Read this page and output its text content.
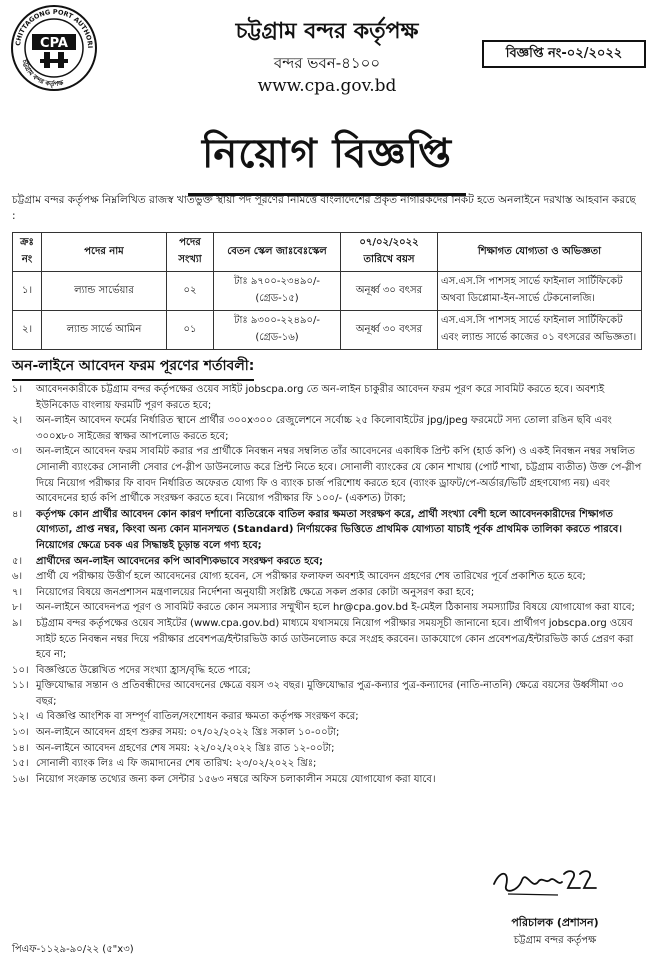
CHITTAGONG PORT AUTHORI
চট্টগ্রাম বন্দর কর্তৃপক্ষ
CPA	চট্টগ্রাম বন্দর কর্তৃপক্ষ
বন্দর ভবন-৪১০০
www.cpa.gov.bd
বিজ্ঞপ্তি নং-০২/২০২২
নিয়োগ বিজ্ঞপ্তি
চট্টগ্রাম বন্দর কর্তৃপক্ষ নিম্নলিখিত রাজস্ব খাতভুক্ত স্থায়ী পদ পূরণের নিমিত্তে বাংলাদেশের প্রকৃত নাগরিকদের নিকট হতে অনলাইনে দরখাস্ত আহবান করছে :
ক্রঃ নং	পদের নাম	পদের সংখ্যা	বেতন স্কেল জাঃবেঃস্কেল	০৭/০২/২০২২ তারিখে বয়স	শিক্ষাগত যোগ্যতা ও অভিজ্ঞতা
১।	ল্যান্ড সার্ভেয়ার	০২	টাঃ ৯৭০০-২৩৪৯০/- (গ্রেড-১৫)	অনূর্ধ্ব ৩০ বৎসর	এস.এস.সি পাশসহ সার্ভে ফাইনাল সার্টিফিকেট অথবা ডিপ্লোমা-ইন-সার্ভে টেকনোলজি।
২।	ল্যান্ড সার্ভে আমিন	০১	টাঃ ৯৩০০-২২৪৯০/- (গ্রেড-১৬)	অনূর্ধ্ব ৩০ বৎসর	এস.এস.সি পাশসহ সার্ভে ফাইনাল সার্টিফিকেট এবং ল্যান্ড সার্ভে কাজের ০১ বৎসরের অভিজ্ঞতা।
অন-লাইনে আবেদন ফরম পূরণের শর্তাবলী:
১।	আবেদনকারীকে চট্টগ্রাম বন্দর কর্তৃপক্ষের ওয়েব সাইট jobscpa.org তে অন-লাইন চাকুরীর আবেদন ফরম পূরণ করে সাবমিট করতে হবে। অবশ্যই ইউনিকোড বাংলায় ফরমটি পূরণ করতে হবে;
২।	অন-লাইন আবেদন ফর্মের নির্ধারিত স্থানে প্রার্থীর ৩০০x৩০০ রেজুলেশনে সর্বোচ্চ ২৫ কিলোবাইটের jpg/jpeg ফরমেটে সদ্য তোলা রঙিন ছবি এবং ৩০০x৮০ সাইজের স্বাক্ষর আপলোড করতে হবে;
৩।	অন-লাইনে আবেদন ফরম সাবমিট করার পর প্রার্থীকে নিবন্ধন নম্বর সম্বলিত তাঁর আবেদনের একাধিক প্রিন্ট কপি (হার্ড কপি) ও একই নিবন্ধন নম্বর সম্বলিত সোনালী ব্যাংকের সোনালী সেবার পে-স্লীপ ডাউনলোড করে প্রিন্ট নিতে হবে। সোনালী ব্যাংকের যে কোন শাখায় (পোর্ট শাখা, চট্টগ্রাম ব্যতীত) উক্ত পে-স্লীপ দিয়ে নিয়োগ পরীক্ষার ফি বাবদ নির্ধারিত অফেরত যোগ্য ফি ও ব্যাংক চার্জ পরিশোধ করতে হবে (ব্যাংক ড্রাফট/পে-অর্ডার/ভিটি গ্রহণযোগ্য নয়) এবং আবেদনের হার্ড কপি প্রার্থীকে সংরক্ষণ করতে হবে। নিয়োগ পরীক্ষার ফি ১০০/- (একশত) টাকা;
৪।	কর্তৃপক্ষ কোন প্রার্থীর আবেদন কোন কারণ দর্শানো ব্যতিরেকে বাতিল করার ক্ষমতা সংরক্ষণ করে, প্রার্থী সংখ্যা বেশী হলে আবেদনকারীদের শিক্ষাগত যোগ্যতা, প্রাপ্ত নম্বর, কিংবা অন্য কোন মানসম্মত (Standard) নির্ণায়কের ভিত্তিতে প্রাথমিক যোগ্যতা যাচাই পূর্বক প্রাথমিক তালিকা করতে পারবে। নিয়োগের ক্ষেত্রে চবক এর সিদ্ধান্তই চূড়ান্ত বলে গণ্য হবে;
৫।	প্রার্থীদের অন-লাইন আবেদনের কপি আবশ্যিকভাবে সংরক্ষণ করতে হবে;
৬।	প্রার্থী যে পরীক্ষায় উত্তীর্ণ হলে আবেদনের যোগ্য হবেন, সে পরীক্ষার ফলাফল অবশ্যই আবেদন গ্রহণের শেষ তারিখের পূর্বে প্রকাশিত হতে হবে;
৭।	নিয়োগের বিষয়ে জনপ্রশাসন মন্ত্রণালয়ের নির্দেশনা অনুযায়ী সংশ্লিষ্ট ক্ষেত্রে সকল প্রকার কোটা অনুসরণ করা হবে;
৮।	অন-লাইনে আবেদনপত্র পূরণ ও সাবমিট করতে কোন সমস্যার সম্মুখীন হলে hr@cpa.gov.bd ই-মেইল ঠিকানায় সমস্যাটির বিষয়ে যোগাযোগ করা যাবে;
৯।	চট্টগ্রাম বন্দর কর্তৃপক্ষের ওয়েব সাইটের (www.cpa.gov.bd) মাধ্যমে যথাসময়ে নিয়োগ পরীক্ষার সময়সূচী জানানো হবে। প্রার্থীগণ jobscpa.org ওয়েব সাইট হতে নিবন্ধন নম্বর দিয়ে পরীক্ষার প্রবেশপত্র/ইন্টারভিউ কার্ড ডাউনলোড করে সংগ্রহ করবেন। ডাকযোগে কোন প্রবেশপত্র/ইন্টারভিউ কার্ড প্রেরণ করা হবে না;
১০। বিজ্ঞপ্তিতে উল্লেখিত পদের সংখ্যা হ্রাস/বৃদ্ধি হতে পারে;
১১। মুক্তিযোদ্ধার সন্তান ও প্রতিবন্ধীদের আবেদনের ক্ষেত্রে বয়স ৩২ বছর। মুক্তিযোদ্ধার পুত্র-কন্যার পুত্র-কন্যাদের (নাতি-নাতনি) ক্ষেত্রে বয়সের উর্ধ্বসীমা ৩০ বছর;
১২। এ বিজ্ঞপ্তি আংশিক বা সম্পূর্ণ বাতিল/সংশোধন করার ক্ষমতা কর্তৃপক্ষ সংরক্ষণ করে;
১৩। অন-লাইনে আবেদন গ্রহণ শুরুর সময়: ০৭/০২/২০২২ খ্রিঃ সকাল ১০-০০টা;
১৪। অন-লাইনে আবেদন গ্রহণের শেষ সময়: ২২/০২/২০২২ খ্রিঃ রাত ১২-০০টা;
১৫। সোনালী ব্যাংক লিঃ এ ফি জমাদানের শেষ তারিখ: ২৩/০২/২০২২ খ্রিঃ;
১৬। নিয়োগ সংক্রান্ত তথ্যের জন্য কল সেন্টার ১৫৬৩ নম্বরে অফিস চলাকালীন সময়ে যোগাযোগ করা যাবে।
পরিচালক (প্রশাসন)
চট্টগ্রাম বন্দর কর্তৃপক্ষ
পিএফ-১১২৯-৯০/২২ (৫"x৩)
